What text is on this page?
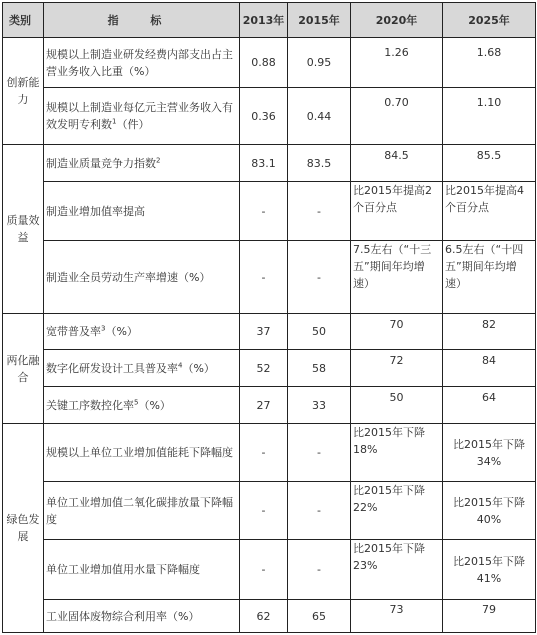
类别	指 标	2013年	2015年	2020年	2025年
创新能力	规模以上制造业研发经费内部支出占主营业务收入比重（%）	0.88	0.95	1.26	1.68
	规模以上制造业每亿元主营业务收入有效发明专利数$^1$（件）	0.36	0.44	0.70	1.10
质量效益	制造业质量竞争力指数$^2$	83.1	83.5	84.5	85.5
	制造业增加值率提高	-	-	比2015年提高2个百分点	比2015年提高4个百分点
	制造业全员劳动生产率增速（%）	-	-	7.5左右（“十三五”期间年均增速）	6.5左右（“十四五”期间年均增速）
两化融合	宽带普及率$^3$（%）	37	50	70	82
	数字化研发设计工具普及率$^4$（%）	52	58	72	84
	关键工序数控化率$^5$（%）	27	33	50	64
绿色发展	规模以上单位工业增加值能耗下降幅度	-	-	比2015年下降18%	比2015年下降34%
	单位工业增加值二氧化碳排放量下降幅度	-	-	比2015年下降22%	比2015年下降40%
	单位工业增加值用水量下降幅度	-	-	比2015年下降23%	比2015年下降41%
	工业固体废物综合利用率（%）	62	65	73	79
